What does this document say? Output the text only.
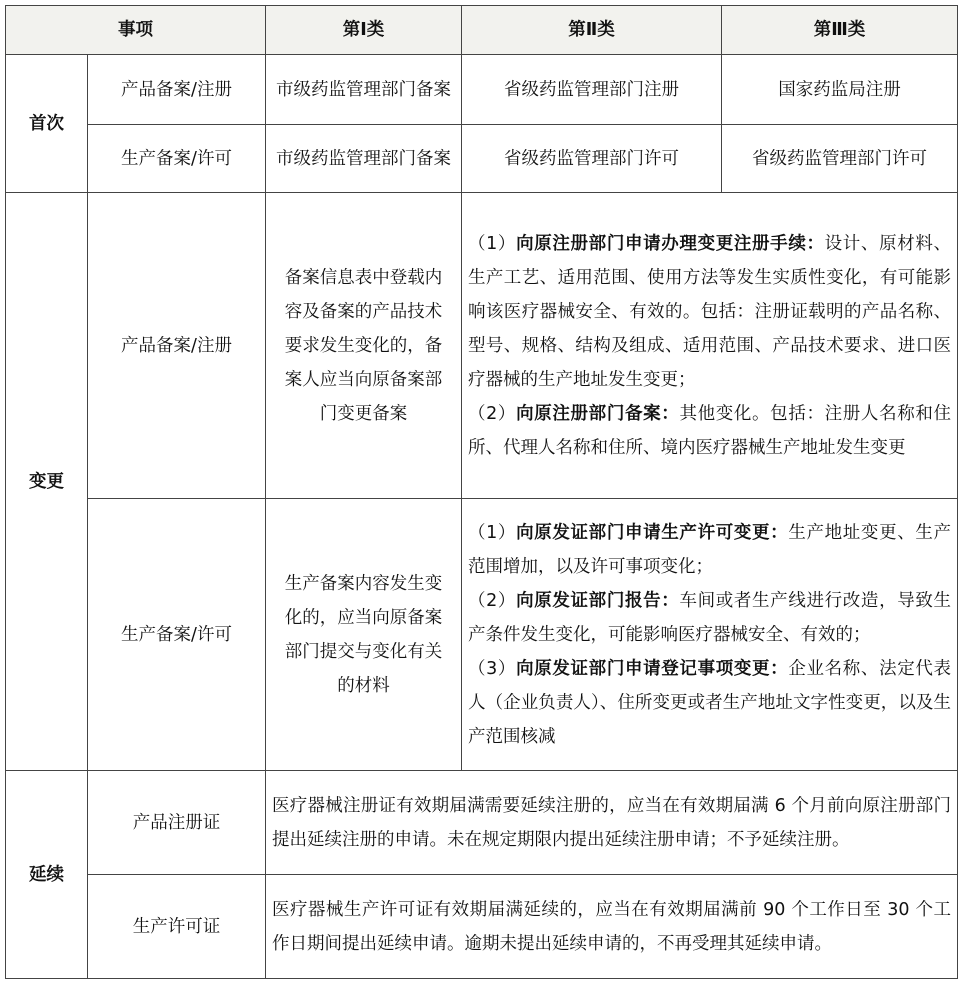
事项		第Ⅰ类	第Ⅱ类	第Ⅲ类
首次	产品备案/注册	市级药监管理部门备案	省级药监管理部门注册	国家药监局注册
	生产备案/许可	市级药监管理部门备案	省级药监管理部门许可	省级药监管理部门许可
变更	产品备案/注册	备案信息表中登载内容及备案的产品技术要求发生变化的，备案人应当向原备案部门变更备案	（1）向原注册部门申请办理变更注册手续：设计、原材料、生产工艺、适用范围、使用方法等发生实质性变化，有可能影响该医疗器械安全、有效的。包括：注册证载明的产品名称、型号、规格、结构及组成、适用范围、产品技术要求、进口医疗器械的生产地址发生变更；
（2）向原注册部门备案：其他变化。包括：注册人名称和住所、代理人名称和住所、境内医疗器械生产地址发生变更	

	生产备案/许可	生产备案内容发生变化的，应当向原备案部门提交与变化有关的材料	（1）向原发证部门申请生产许可变更：生产地址变更、生产范围增加，以及许可事项变化；
（2）向原发证部门报告：车间或者生产线进行改造，导致生产条件发生变化，可能影响医疗器械安全、有效的；
（3）向原发证部门申请登记事项变更：企业名称、法定代表人（企业负责人）、住所变更或者生产地址文字性变更，以及生产范围核减	

延续	产品注册证	医疗器械注册证有效期届满需要延续注册的，应当在有效期届满 6 个月前向原注册部门提出延续注册的申请。未在规定期限内提出延续注册申请；不予延续注册。		
	生产许可证	医疗器械生产许可证有效期届满延续的，应当在有效期届满前 90 个工作日至 30 个工作日期间提出延续申请。逾期未提出延续申请的，不再受理其延续申请。		
